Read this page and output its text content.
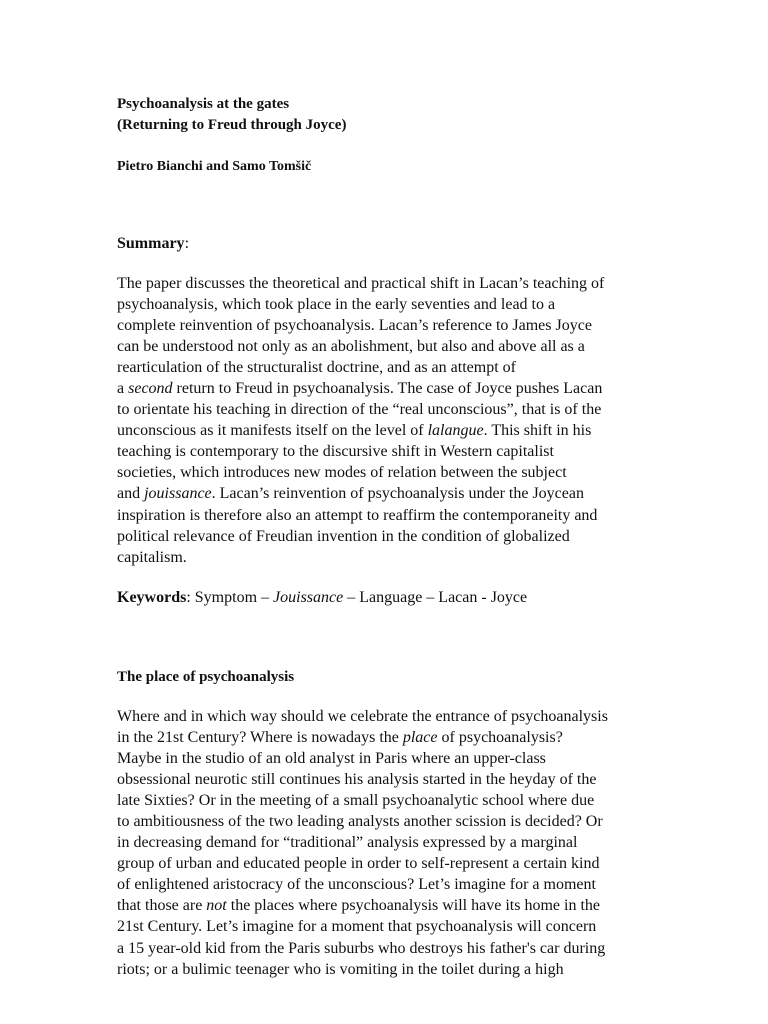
Psychoanalysis at the gates
(Returning to Freud through Joyce)
Pietro Bianchi and Samo Tomšič
Summary:
The paper discusses the theoretical and practical shift in Lacan’s teaching of
psychoanalysis, which took place in the early seventies and lead to a
complete reinvention of psychoanalysis. Lacan’s reference to James Joyce
can be understood not only as an abolishment, but also and above all as a
rearticulation of the structuralist doctrine, and as an attempt of
a second return to Freud in psychoanalysis. The case of Joyce pushes Lacan
to orientate his teaching in direction of the “real unconscious”, that is of the
unconscious as it manifests itself on the level of lalangue. This shift in his
teaching is contemporary to the discursive shift in Western capitalist
societies, which introduces new modes of relation between the subject
and jouissance. Lacan’s reinvention of psychoanalysis under the Joycean
inspiration is therefore also an attempt to reaffirm the contemporaneity and
political relevance of Freudian invention in the condition of globalized
capitalism.
Keywords: Symptom – Jouissance – Language – Lacan - Joyce
The place of psychoanalysis
Where and in which way should we celebrate the entrance of psychoanalysis
in the 21st Century? Where is nowadays the place of psychoanalysis?
Maybe in the studio of an old analyst in Paris where an upper-class
obsessional neurotic still continues his analysis started in the heyday of the
late Sixties? Or in the meeting of a small psychoanalytic school where due
to ambitiousness of the two leading analysts another scission is decided? Or
in decreasing demand for “traditional” analysis expressed by a marginal
group of urban and educated people in order to self-represent a certain kind
of enlightened aristocracy of the unconscious? Let’s imagine for a moment
that those are not the places where psychoanalysis will have its home in the
21st Century. Let’s imagine for a moment that psychoanalysis will concern
a 15 year-old kid from the Paris suburbs who destroys his father's car during
riots; or a bulimic teenager who is vomiting in the toilet during a high
